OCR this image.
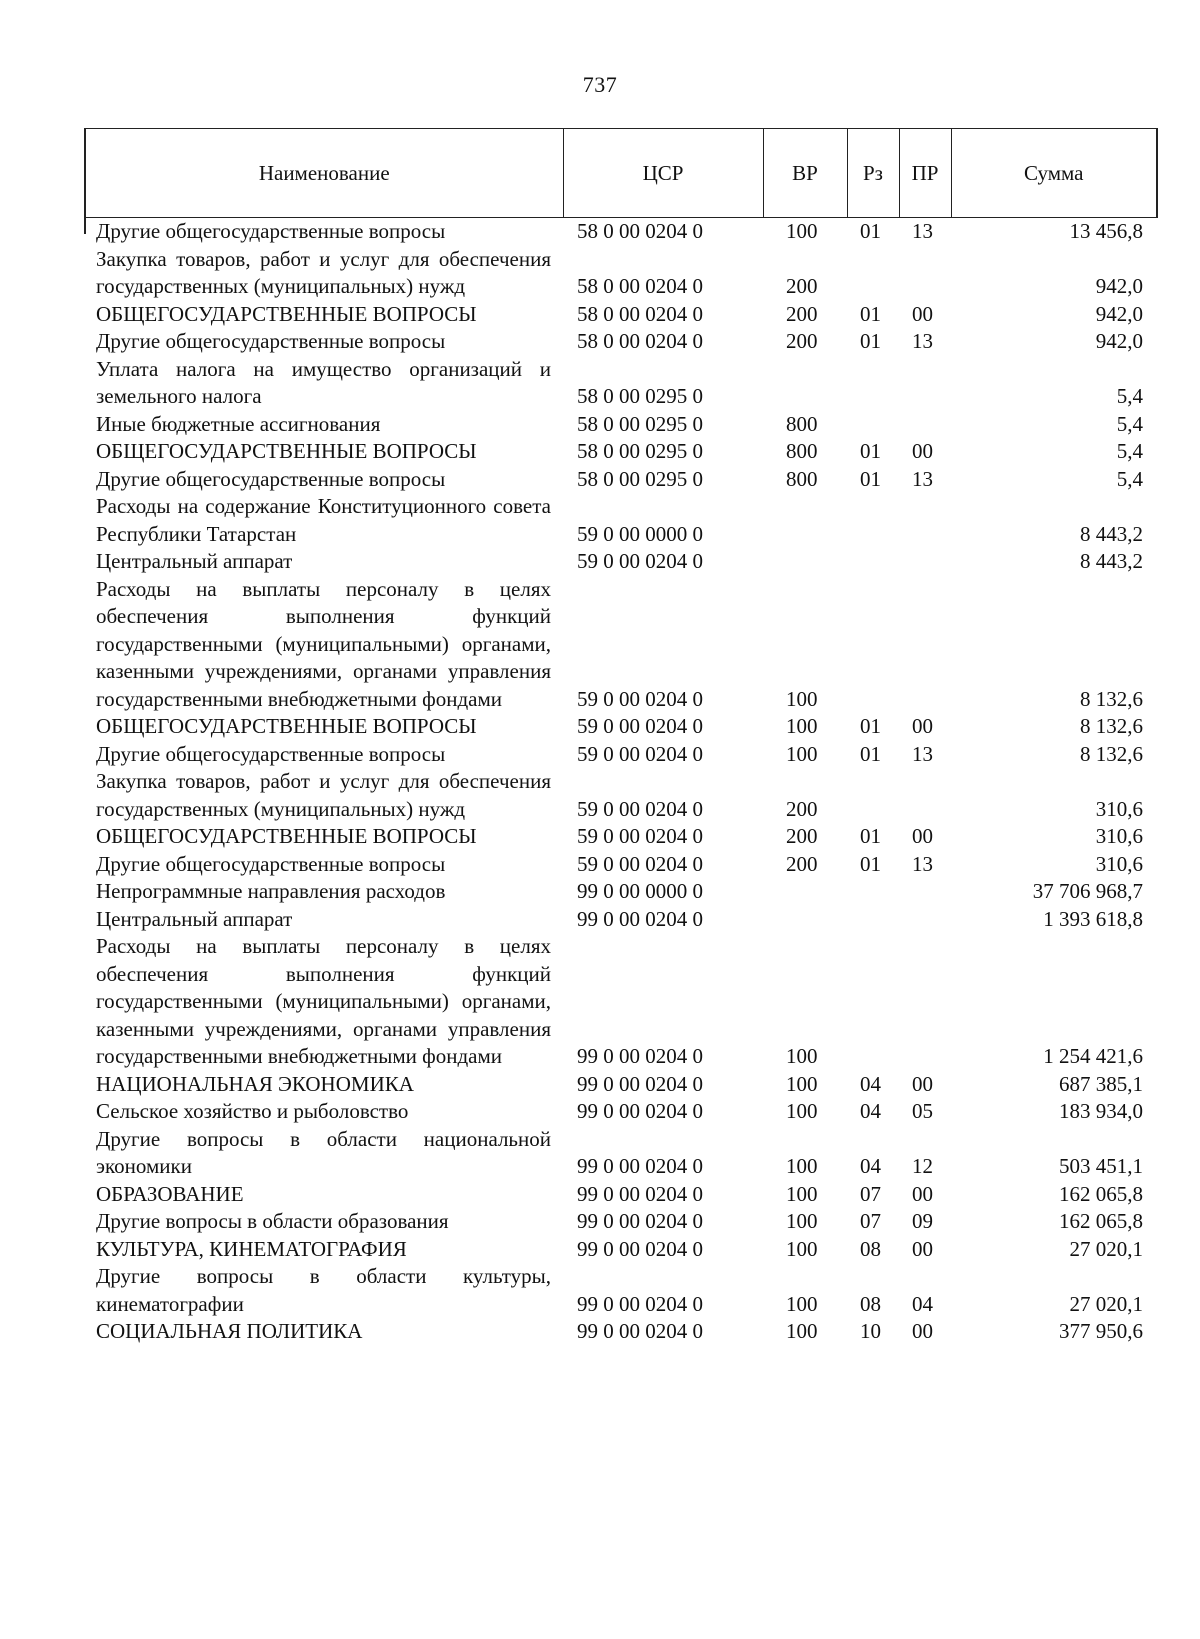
737
Наименование	ЦСР	ВР	Рз	ПР	Сумма
Другие общегосударственные вопросы	58 0 00 0204 0	100	01	13	13 456,8
Закупка товаров, работ и услуг для обеспечения государственных (муниципальных) нужд	58 0 00 0204 0	200			942,0
ОБЩЕГОСУДАРСТВЕННЫЕ ВОПРОСЫ	58 0 00 0204 0	200	01	00	942,0
Другие общегосударственные вопросы	58 0 00 0204 0	200	01	13	942,0
Уплата налога на имущество организаций и земельного налога	58 0 00 0295 0				5,4
Иные бюджетные ассигнования	58 0 00 0295 0	800			5,4
ОБЩЕГОСУДАРСТВЕННЫЕ ВОПРОСЫ	58 0 00 0295 0	800	01	00	5,4
Другие общегосударственные вопросы	58 0 00 0295 0	800	01	13	5,4
Расходы на содержание Конституционного совета Республики Татарстан	59 0 00 0000 0				8 443,2
Центральный аппарат	59 0 00 0204 0				8 443,2
Расходы на выплаты персоналу в целях обеспечения выполнения функций государственными (муниципальными) органами, казенными учреждениями, органами управления государственными внебюджетными фондами	59 0 00 0204 0	100			8 132,6
ОБЩЕГОСУДАРСТВЕННЫЕ ВОПРОСЫ	59 0 00 0204 0	100	01	00	8 132,6
Другие общегосударственные вопросы	59 0 00 0204 0	100	01	13	8 132,6
Закупка товаров, работ и услуг для обеспечения государственных (муниципальных) нужд	59 0 00 0204 0	200			310,6
ОБЩЕГОСУДАРСТВЕННЫЕ ВОПРОСЫ	59 0 00 0204 0	200	01	00	310,6
Другие общегосударственные вопросы	59 0 00 0204 0	200	01	13	310,6
Непрограммные направления расходов	99 0 00 0000 0				37 706 968,7
Центральный аппарат	99 0 00 0204 0				1 393 618,8
Расходы на выплаты персоналу в целях обеспечения выполнения функций государственными (муниципальными) органами, казенными учреждениями, органами управления государственными внебюджетными фондами	99 0 00 0204 0	100			1 254 421,6
НАЦИОНАЛЬНАЯ ЭКОНОМИКА	99 0 00 0204 0	100	04	00	687 385,1
Сельское хозяйство и рыболовство	99 0 00 0204 0	100	04	05	183 934,0
Другие вопросы в области национальной экономики	99 0 00 0204 0	100	04	12	503 451,1
ОБРАЗОВАНИЕ	99 0 00 0204 0	100	07	00	162 065,8
Другие вопросы в области образования	99 0 00 0204 0	100	07	09	162 065,8
КУЛЬТУРА, КИНЕМАТОГРАФИЯ	99 0 00 0204 0	100	08	00	27 020,1
Другие вопросы в области культуры, кинематографии	99 0 00 0204 0	100	08	04	27 020,1
СОЦИАЛЬНАЯ ПОЛИТИКА	99 0 00 0204 0	100	10	00	377 950,6
